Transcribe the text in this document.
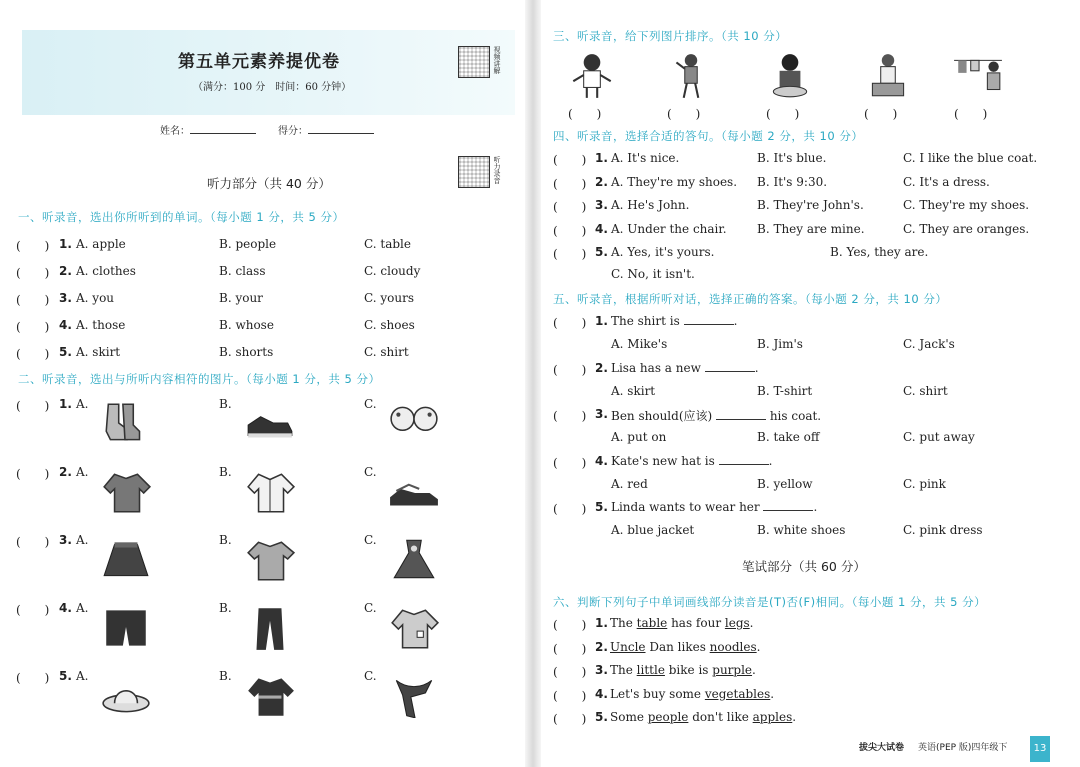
第五单元素养提优卷
（满分：100 分　时间：60 分钟）
视频讲解
姓名：	得分：
听力录音
听力部分（共 40 分）
一、听录音，选出你所听到的单词。（每小题 1 分，共 5 分）
(　　) 1. A. apple	B. people	C. table
(　　) 2. A. clothes	B. class	C. cloudy
(　　) 3. A. you	B. your	C. yours
(　　) 4. A. those	B. whose	C. shoes
(　　) 5. A. skirt	B. shorts	C. shirt
二、听录音，选出与所听内容相符的图片。（每小题 1 分，共 5 分）
(　　) 1. A.	B.	C.
(　　) 2. A.	B.	C.
(　　) 3. A.	B.	C.
(　　) 4. A.	B.	C.
(　　) 5. A.	B.	C.
三、听录音，给下列图片排序。（共 10 分）
(　　)	(　　)	(　　)	(　　)	(　　)
四、听录音，选择合适的答句。（每小题 2 分，共 10 分）
(　　) 1. A. It's nice.	B. It's blue.	C. I like the blue coat.
(　　) 2. A. They're my shoes. B. It's 9:30.	C. It's a dress.
(　　) 3. A. He's John.	B. They're John's.	C. They're my shoes.
(　　) 4. A. Under the chair.	B. They are mine.	C. They are oranges.
(　　) 5. A. Yes, it's yours.	B. Yes, they are.
C. No, it isn't.
五、听录音，根据所听对话，选择正确的答案。（每小题 2 分，共 10 分）
(　　) 1. The shirt is	.
A. Mike's	B. Jim's	C. Jack's
(　　) 2. Lisa has a new	.
A. skirt	B. T-shirt	C. shirt
(　　) 3. Ben should(应该)	his coat.
A. put on	B. take off	C. put away
(　　) 4. Kate's new hat is	.
A. red	B. yellow	C. pink
(　　) 5. Linda wants to wear her	.
A. blue jacket	B. white shoes	C. pink dress
笔试部分（共 60 分）
六、判断下列句子中单词画线部分读音是(T)否(F)相同。（每小题 1 分，共 5 分）
(　　) 1. The table has four legs.
(　　) 2. Uncle Dan likes noodles.
(　　) 3. The little bike is purple.
(　　) 4. Let's buy some vegetables.
(　　) 5. Some people don't like apples.
拔尖大试卷 英语(PEP 版)四年级下	13
